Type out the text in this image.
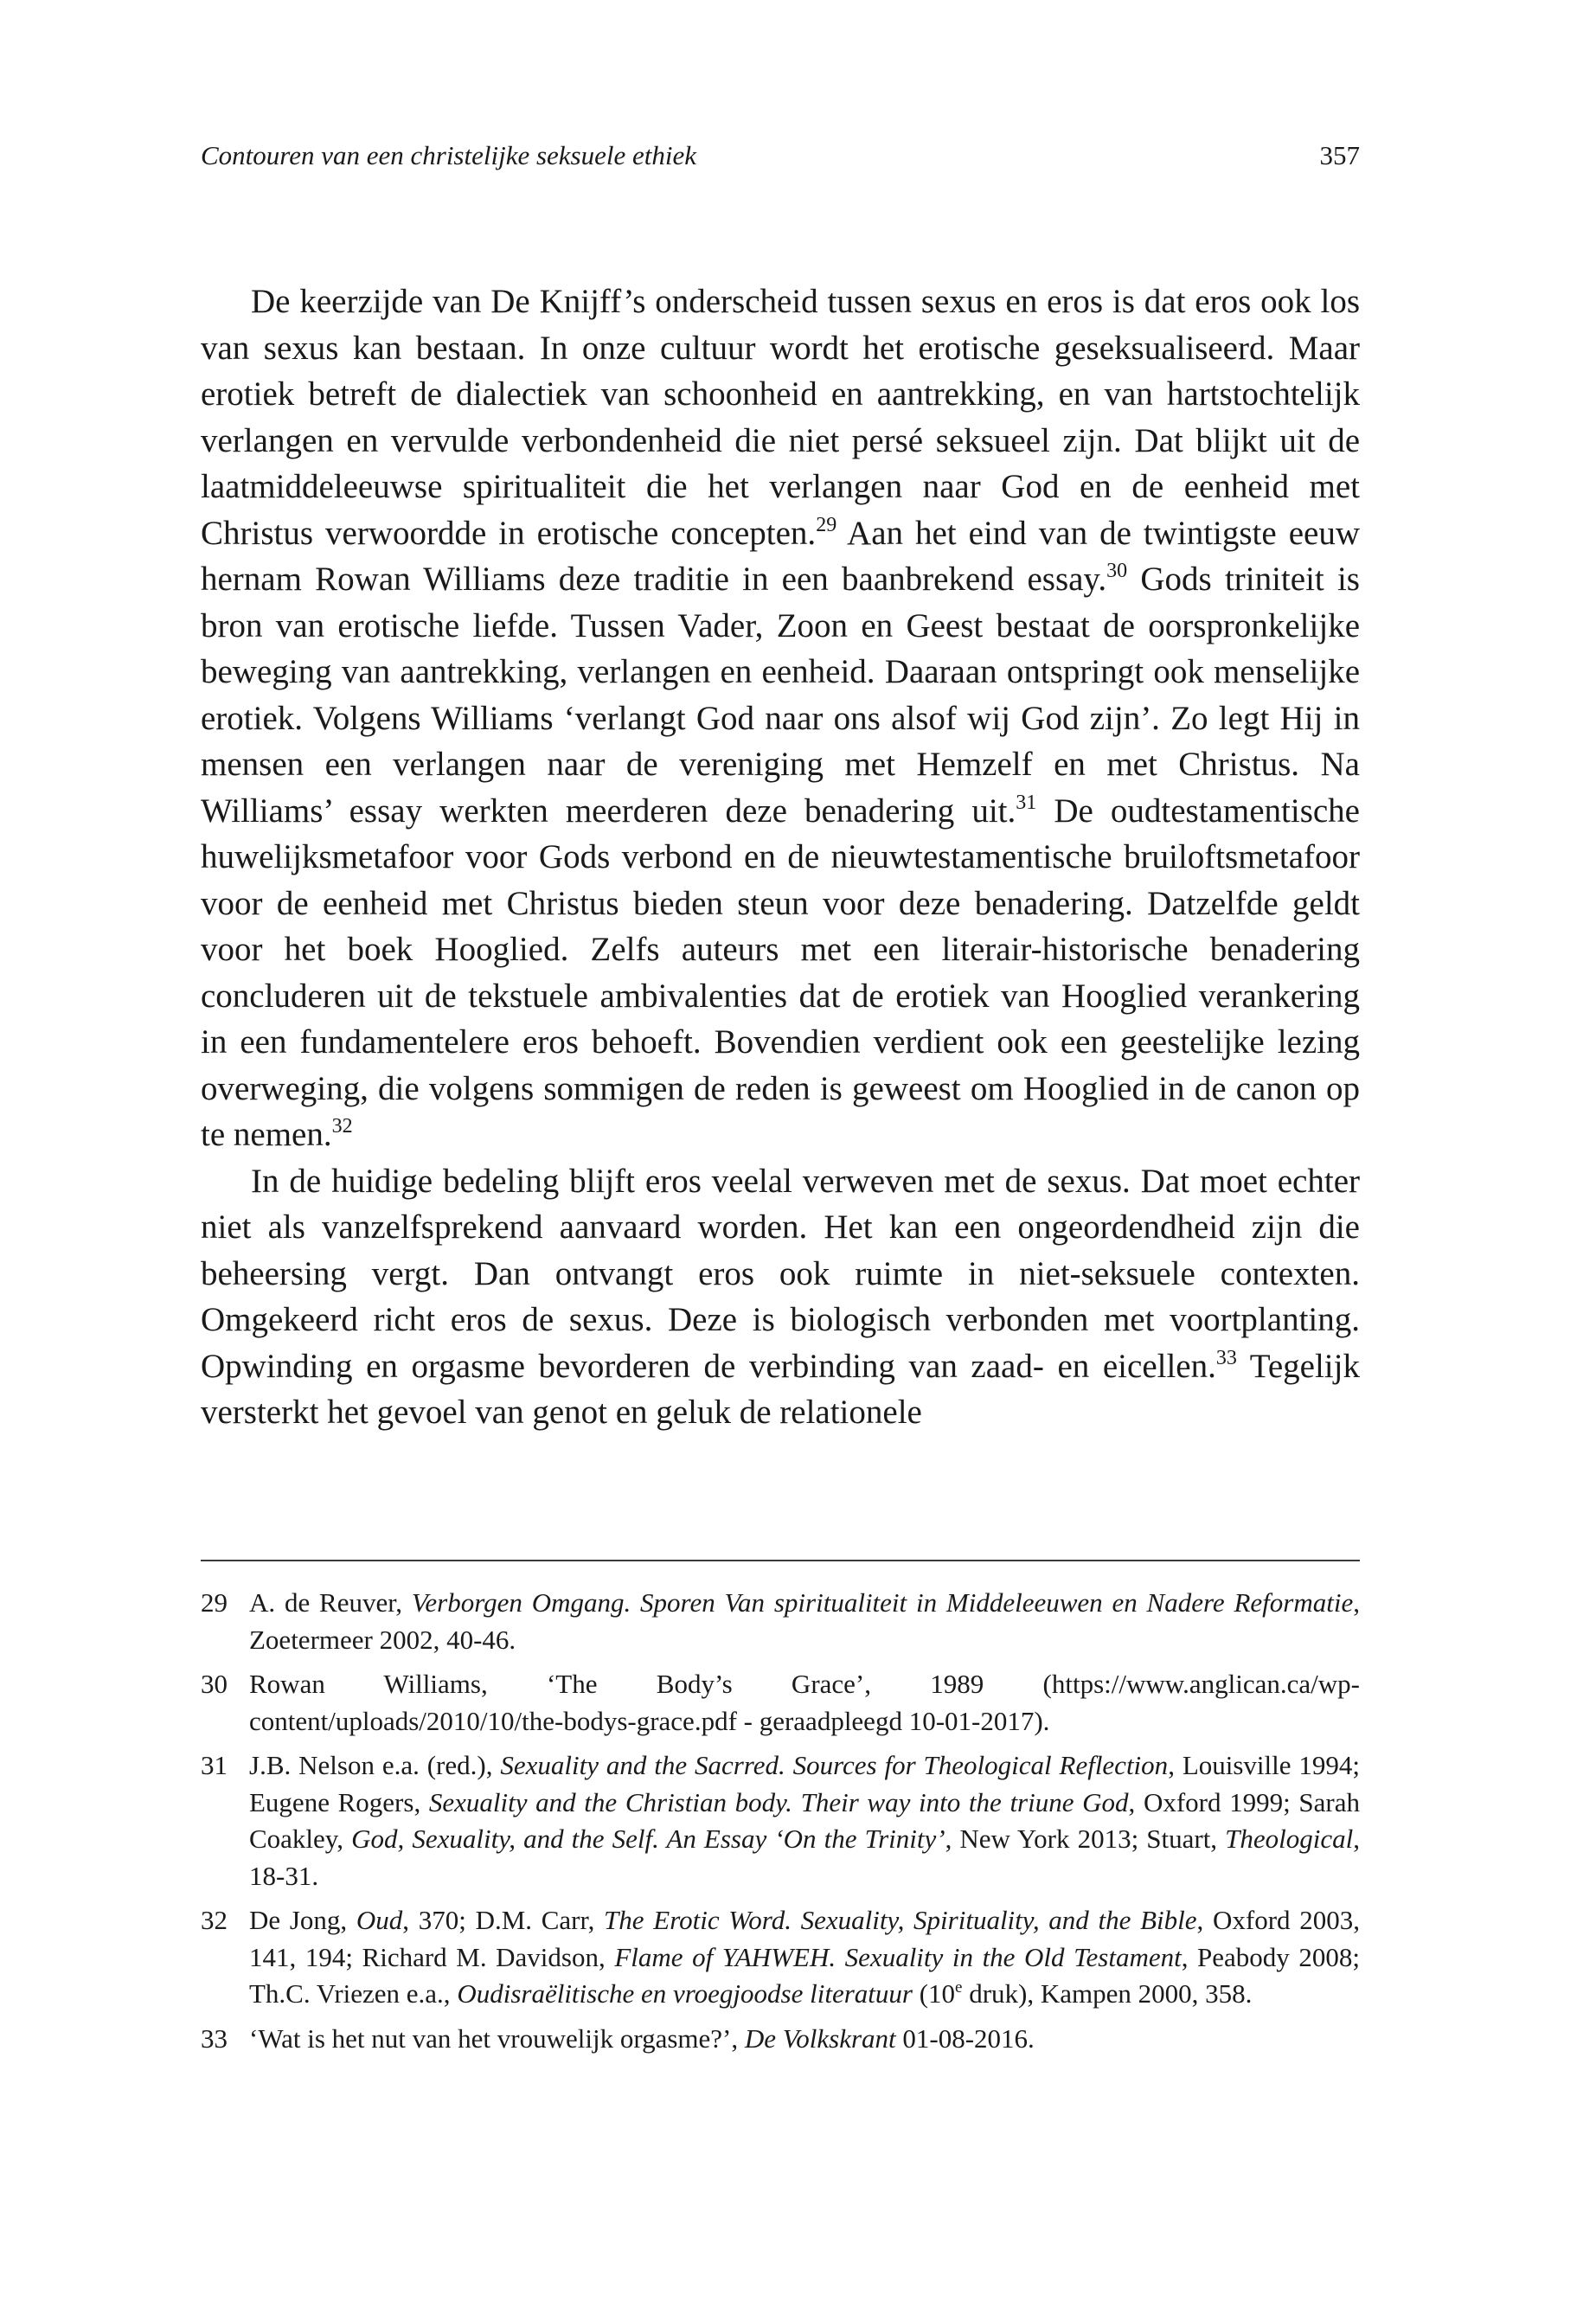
Contouren van een christelijke seksuele ethiek	357

De keerzijde van De Knijff’s onderscheid tussen sexus en eros is dat eros ook los van sexus kan bestaan. In onze cultuur wordt het erotische geseksualiseerd. Maar erotiek betreft de dialectiek van schoonheid en aantrekking, en van hartstochtelijk verlangen en vervulde verbondenheid die niet persé seksueel zijn. Dat blijkt uit de laatmiddeleeuwse spiritualiteit die het verlangen naar God en de eenheid met Christus verwoordde in erotische concepten.$^{29}$ Aan het eind van de twintigste eeuw hernam Rowan Williams deze traditie in een baanbrekend essay.$^{30}$ Gods triniteit is bron van erotische liefde. Tussen Vader, Zoon en Geest bestaat de oorspronkelijke beweging van aantrekking, verlangen en eenheid. Daaraan ontspringt ook menselijke erotiek. Volgens Williams ‘verlangt God naar ons alsof wij God zijn’. Zo legt Hij in mensen een verlangen naar de vereniging met Hemzelf en met Christus. Na Williams’ essay werkten meerderen deze benadering uit.$^{31}$ De oudtestamentische huwelijksmetafoor voor Gods verbond en de nieuwtestamentische bruiloftsmetafoor voor de eenheid met Christus bieden steun voor deze benadering. Datzelfde geldt voor het boek Hooglied. Zelfs auteurs met een literair-historische benadering concluderen uit de tekstuele ambivalenties dat de erotiek van Hooglied verankering in een fundamentelere eros behoeft. Bovendien verdient ook een geestelijke lezing overweging, die volgens sommigen de reden is geweest om Hooglied in de canon op te nemen.$^{32}$

In de huidige bedeling blijft eros veelal verweven met de sexus. Dat moet echter niet als vanzelfsprekend aanvaard worden. Het kan een ongeordendheid zijn die beheersing vergt. Dan ontvangt eros ook ruimte in niet-seksuele contexten. Omgekeerd richt eros de sexus. Deze is biologisch verbonden met voortplanting. Opwinding en orgasme bevorderen de verbinding van zaad- en eicellen.$^{33}$ Tegelijk versterkt het gevoel van genot en geluk de relationele

29 A. de Reuver, Verborgen Omgang. Sporen Van spiritualiteit in Middeleeuwen en Nadere Reformatie, Zoetermeer 2002, 40-46.
30 Rowan Williams, ‘The Body’s Grace’, 1989 (https://www.anglican.ca/wp-content/uploads/2010/10/the-bodys-grace.pdf - geraadpleegd 10-01-2017).
31 J.B. Nelson e.a. (red.), Sexuality and the Sacrred. Sources for Theological Reflection, Louisville 1994; Eugene Rogers, Sexuality and the Christian body. Their way into the triune God, Oxford 1999; Sarah Coakley, God, Sexuality, and the Self. An Essay ‘On the Trinity’, New York 2013; Stuart, Theological, 18-31.
32 De Jong, Oud, 370; D.M. Carr, The Erotic Word. Sexuality, Spirituality, and the Bible, Oxford 2003, 141, 194; Richard M. Davidson, Flame of YAHWEH. Sexuality in the Old Testament, Peabody 2008; Th.C. Vriezen e.a., Oudisraëlitische en vroegjoodse literatuur (10e druk), Kampen 2000, 358.
33 ‘Wat is het nut van het vrouwelijk orgasme?’, De Volkskrant 01-08-2016.
